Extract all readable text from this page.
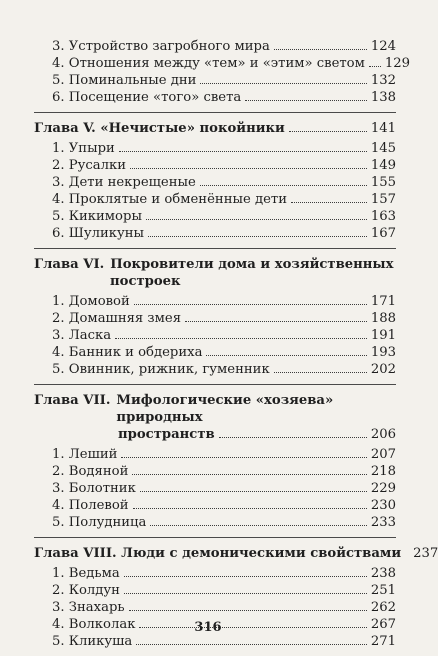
3. Устройство загробного мира	124
4. Отношения между «тем» и «этим» светом 129
5. Поминальные дни	132
6. Посещение «того» света	138
Глава V. «Нечистые» покойники	141
1. Упыри	145
2. Русалки	149
3. Дети некрещеные	155
4. Проклятые и обменённые дети	157
5. Кикиморы	163
6. Шуликуны	167
Глава VI. Покровители дома и хозяйственных
построек
1. Домовой	171
2. Домашняя змея	188
3. Ласка	191
4. Банник и обдериха	193
5. Овинник, рижник, гуменник	202
Глава VII. Мифологические «хозяева» природных
пространств	206
1. Леший	207
2. Водяной	218
3. Болотник	229
4. Полевой	230
5. Полудница	233
Глава VIII. Люди с демоническими свойствами 237
1. Ведьма	238
2. Колдун	251
3. Знахарь	262
4. Волколак	267
5. Кликуша	271
316
